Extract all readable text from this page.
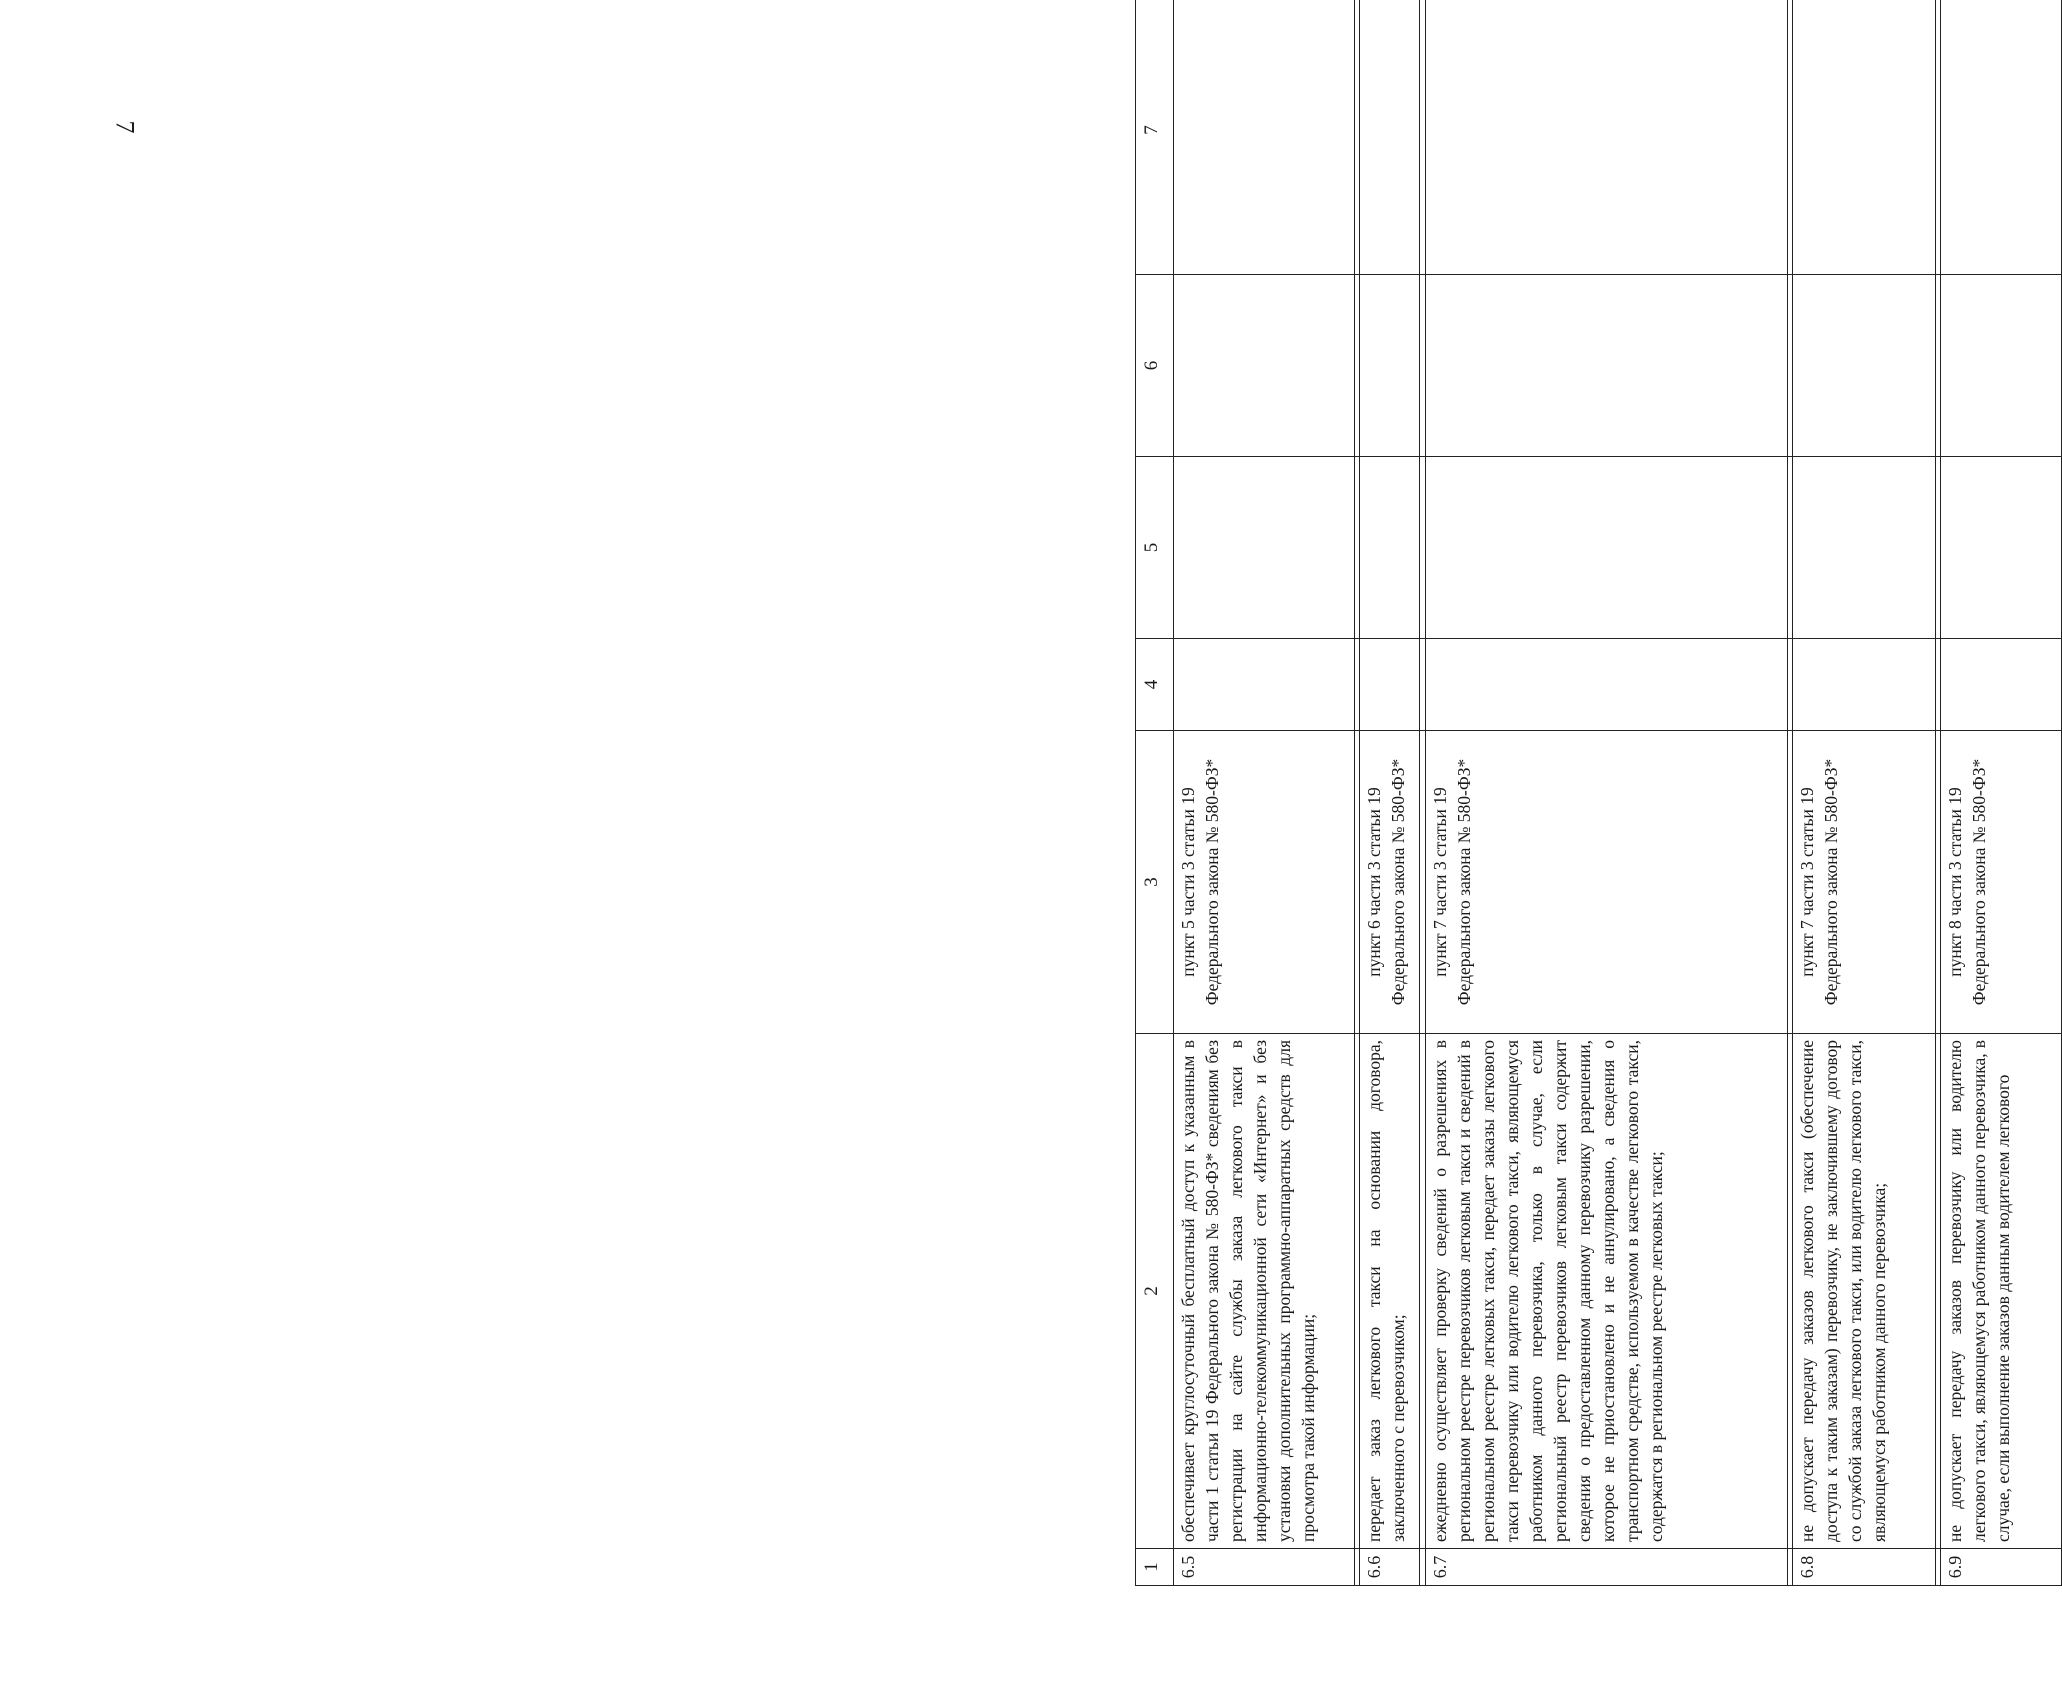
7
1	2	3	4	5	6	7
6.5	обеспечивает круглосуточный бесплатный доступ к указанным в части 1 статьи 19 Федерального закона № 580-ФЗ* сведениям без регистрации на сайте службы заказа легкового такси в информационно-телекоммуникационной сети «Интернет» и без установки дополнительных программно-аппаратных средств для просмотра такой информации;	пункт 5 части 3 статьи 19 Федерального закона № 580-ФЗ*				

6.6	передает заказ легкового такси на основании договора, заключенного с перевозчиком;	пункт 6 части 3 статьи 19 Федерального закона № 580-ФЗ*				

6.7	ежедневно осуществляет проверку сведений о разрешениях в региональном реестре перевозчиков легковым такси и сведений в региональном реестре легковых такси, передает заказы легкового такси перевозчику или водителю легкового такси, являющемуся работником данного перевозчика, только в случае, если региональный реестр перевозчиков легковым такси содержит сведения о предоставленном данному перевозчику разрешении, которое не приостановлено и не аннулировано, а сведения о транспортном средстве, используемом в качестве легкового такси, содержатся в региональном реестре легковых такси;	пункт 7 части 3 статьи 19 Федерального закона № 580-ФЗ*				

6.8	не допускает передачу заказов легкового такси (обеспечение доступа к таким заказам) перевозчику, не заключившему договор со службой заказа легкового такси, или водителю легкового такси, являющемуся работником данного перевозчика;	пункт 7 части 3 статьи 19 Федерального закона № 580-ФЗ*				

6.9	не допускает передачу заказов перевозчику или водителю легкового такси, являющемуся работником данного перевозчика, в случае, если выполнение заказов данным водителем легкового	пункт 8 части 3 статьи 19 Федерального закона № 580-ФЗ*				
